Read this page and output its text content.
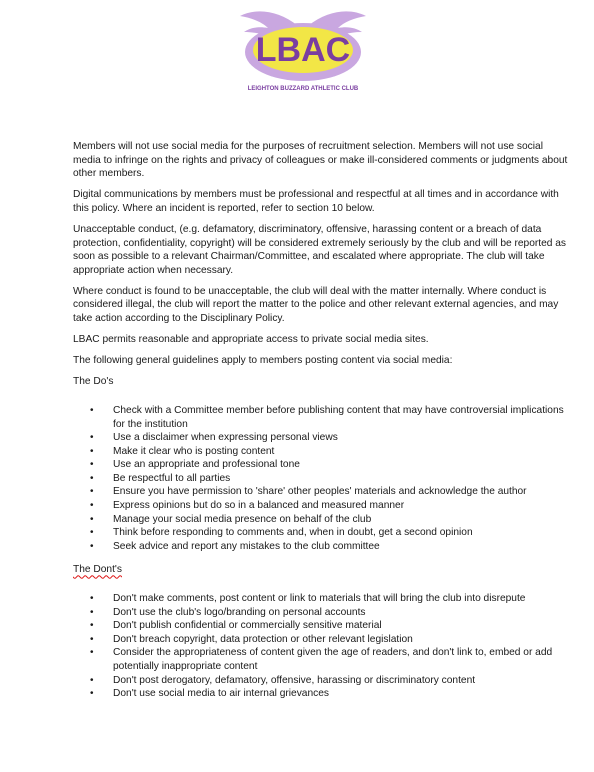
LBAC
LEIGHTON BUZZARD ATHLETIC CLUB

Members will not use social media for the purposes of recruitment selection. Members will not use social media to infringe on the rights and privacy of colleagues or make ill-considered comments or judgments about other members.

Digital communications by members must be professional and respectful at all times and in accordance with this policy. Where an incident is reported, refer to section 10 below.

Unacceptable conduct, (e.g. defamatory, discriminatory, offensive, harassing content or a breach of data protection, confidentiality, copyright) will be considered extremely seriously by the club and will be reported as soon as possible to a relevant Chairman/Committee, and escalated where appropriate. The club will take appropriate action when necessary.

Where conduct is found to be unacceptable, the club will deal with the matter internally. Where conduct is considered illegal, the club will report the matter to the police and other relevant external agencies, and may take action according to the Disciplinary Policy.

LBAC permits reasonable and appropriate access to private social media sites.

The following general guidelines apply to members posting content via social media:

The Do's

• Check with a Committee member before publishing content that may have controversial implications for the institution
• Use a disclaimer when expressing personal views
• Make it clear who is posting content
• Use an appropriate and professional tone
• Be respectful to all parties
• Ensure you have permission to 'share' other peoples' materials and acknowledge the author
• Express opinions but do so in a balanced and measured manner
• Manage your social media presence on behalf of the club
• Think before responding to comments and, when in doubt, get a second opinion
• Seek advice and report any mistakes to the club committee

The Dont's

• Don't make comments, post content or link to materials that will bring the club into disrepute
• Don't use the club's logo/branding on personal accounts
• Don't publish confidential or commercially sensitive material
• Don't breach copyright, data protection or other relevant legislation
• Consider the appropriateness of content given the age of readers, and don't link to, embed or add potentially inappropriate content
• Don't post derogatory, defamatory, offensive, harassing or discriminatory content
• Don't use social media to air internal grievances
